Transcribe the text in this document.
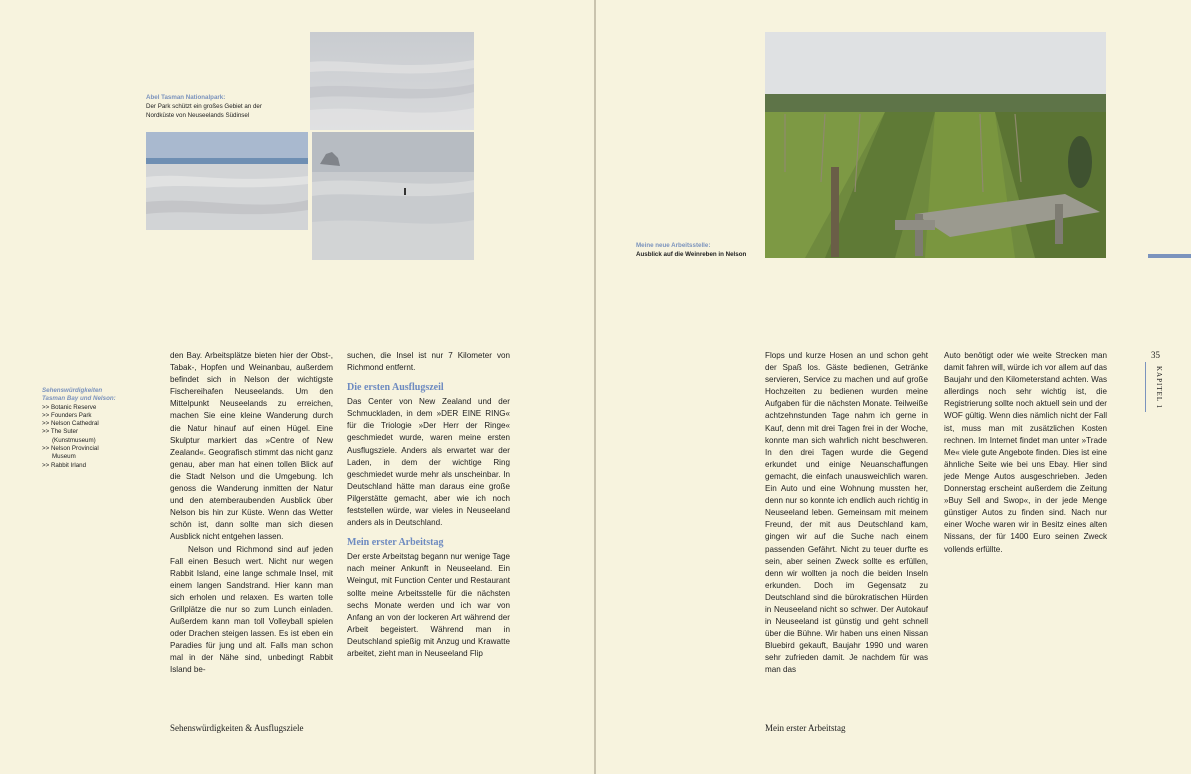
Abel Tasman Nationalpark:
Der Park schützt ein großes Gebiet an der
Nordküste von Neuseelands Südinsel
Sehenswürdigkeiten
Tasman Bay und Nelson:
>> Botanic Reserve
>> Founders Park
>> Nelson Cathedral
>> The Suter
(Kunstmuseum)
>> Nelson Provincial
Museum
>> Rabbit Irland

den Bay. Arbeitsplätze bieten hier der Obst-, Tabak-, Hopfen und Weinanbau, außerdem befindet sich in Nelson der wichtigste Fischereihafen Neuseelands. Um den Mittelpunkt Neuseelands zu erreichen, machen Sie eine kleine Wanderung durch die Natur hinauf auf einen Hügel. Eine Skulptur markiert das »Centre of New Zealand«. Geografisch stimmt das nicht ganz genau, aber man hat einen tollen Blick auf die Stadt Nelson und die Umgebung. Ich genoss die Wanderung inmitten der Natur und den atemberaubenden Ausblick über Nelson bis hin zur Küste. Wenn das Wetter schön ist, dann sollte man sich diesen Ausblick nicht entgehen lassen.

Nelson und Richmond sind auf jeden Fall einen Besuch wert. Nicht nur wegen Rabbit Island, eine lange schmale Insel, mit einem langen Sandstrand. Hier kann man sich erholen und relaxen. Es warten tolle Grillplätze die nur so zum Lunch einladen. Außerdem kann man toll Volleyball spielen oder Drachen steigen lassen. Es ist eben ein Paradies für jung und alt. Falls man schon mal in der Nähe sind, unbedingt Rabbit Island be-

suchen, die Insel ist nur 7 Kilometer von Richmond entfernt.

Die ersten Ausflugszeil

Das Center von New Zealand und der Schmuckladen, in dem »DER EINE RING« für die Triologie »Der Herr der Ringe« geschmiedet wurde, waren meine ersten Ausflugsziele. Anders als erwartet war der Laden, in dem der wichtige Ring geschmiedet wurde mehr als unscheinbar. In Deutschland hätte man daraus eine große Pilgerstätte gemacht, aber wie ich noch feststellen würde, war vieles in Neuseeland anders als in Deutschland.

Mein erster Arbeitstag

Der erste Arbeitstag begann nur wenige Tage nach meiner Ankunft in Neuseeland. Ein Weingut, mit Function Center und Restaurant sollte meine Arbeitsstelle für die nächsten sechs Monate werden und ich war von Anfang an von der lockeren Art während der Arbeit begeistert. Während man in Deutschland spießig mit Anzug und Krawatte arbeitet, zieht man in Neuseeland Flip

Sehenswürdigkeiten & Ausflugsziele
Meine neue Arbeitsstelle:
Ausblick auf die Weinreben in Nelson
35
KAPITEL 1

Flops und kurze Hosen an und schon geht der Spaß los. Gäste bedienen, Getränke servieren, Service zu machen und auf große Hochzeiten zu bedienen wurden meine Aufgaben für die nächsten Monate. Teilweiße achtzehnstunden Tage nahm ich gerne in Kauf, denn mit drei Tagen frei in der Woche, konnte man sich wahrlich nicht beschweren. In den drei Tagen wurde die Gegend erkundet und einige Neuanschaffungen gemacht, die einfach unausweichlich waren. Ein Auto und eine Wohnung mussten her, denn nur so konnte ich endlich auch richtig in Neuseeland leben. Gemeinsam mit meinem Freund, der mit aus Deutschland kam, gingen wir auf die Suche nach einem passenden Gefährt. Nicht zu teuer durfte es sein, aber seinen Zweck sollte es erfüllen, denn wir wollten ja noch die beiden Inseln erkunden. Doch im Gegensatz zu Deutschland sind die bürokratischen Hürden in Neuseeland nicht so schwer. Der Autokauf in Neuseeland ist günstig und geht schnell über die Bühne. Wir haben uns einen Nissan Bluebird gekauft, Baujahr 1990 und waren sehr zufrieden damit. Je nachdem für was man das

Auto benötigt oder wie weite Strecken man damit fahren will, würde ich vor allem auf das Baujahr und den Kilometerstand achten. Was allerdings noch sehr wichtig ist, die Registrierung sollte noch aktuell sein und der WOF gültig. Wenn dies nämlich nicht der Fall ist, muss man mit zusätzlichen Kosten rechnen. Im Internet findet man unter »Trade Me« viele gute Angebote finden. Dies ist eine ähnliche Seite wie bei uns Ebay. Hier sind jede Menge Autos ausgeschrieben. Jeden Donnerstag erscheint außerdem die Zeitung »Buy Sell and Swop«, in der jede Menge günstiger Autos zu finden sind. Nach nur einer Woche waren wir in Besitz eines alten Nissans, der für 1400 Euro seinen Zweck vollends erfüllte.

Mein erster Arbeitstag
